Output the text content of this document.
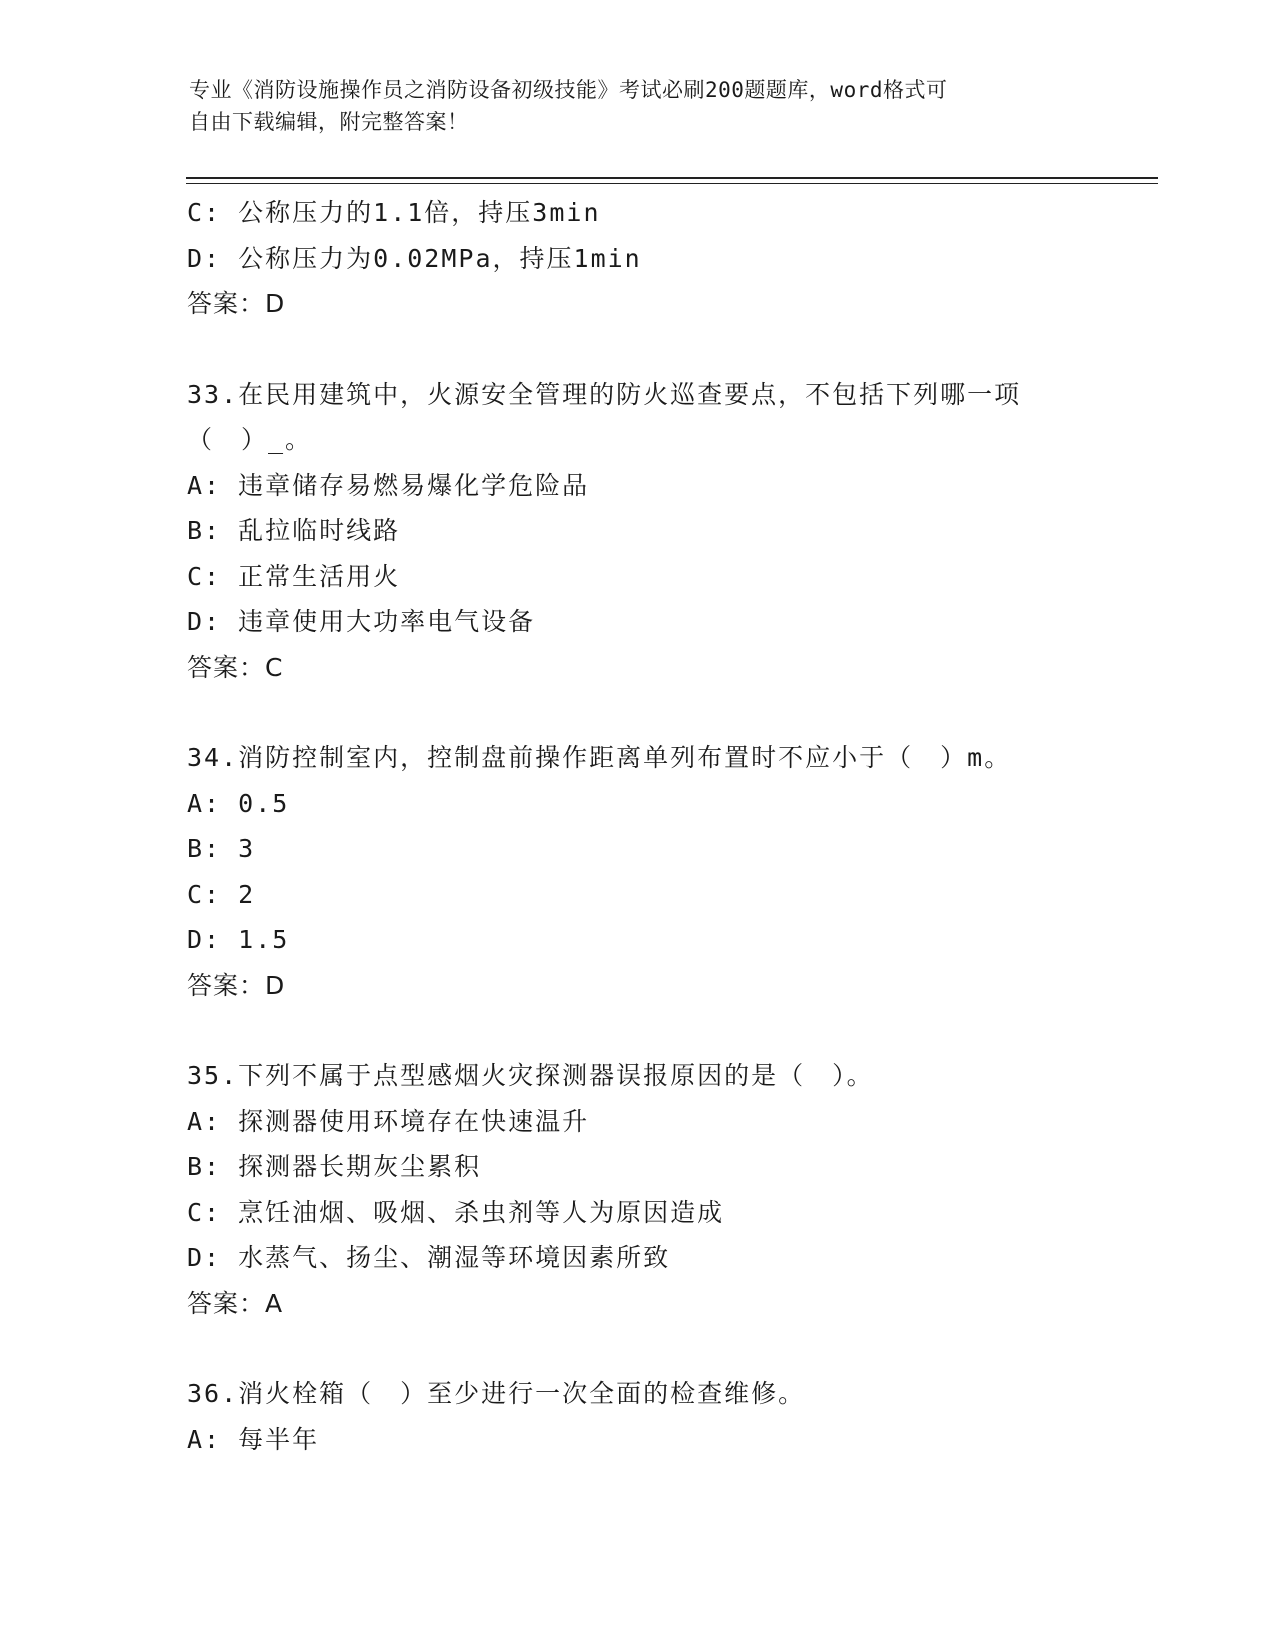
专业《消防设施操作员之消防设备初级技能》考试必刷200题题库，word格式可
自由下载编辑，附完整答案！
C: 公称压力的1.1倍，持压3min
D: 公称压力为0.02MPa，持压1min
答案：D
33.在民用建筑中，火源安全管理的防火巡查要点，不包括下列哪一项
（　）_。
A: 违章储存易燃易爆化学危险品
B: 乱拉临时线路
C: 正常生活用火
D: 违章使用大功率电气设备
答案：C
34.消防控制室内，控制盘前操作距离单列布置时不应小于（　）m。
A: 0.5
B: 3
C: 2
D: 1.5
答案：D
35.下列不属于点型感烟火灾探测器误报原因的是（　）。
A: 探测器使用环境存在快速温升
B: 探测器长期灰尘累积
C: 烹饪油烟、吸烟、杀虫剂等人为原因造成
D: 水蒸气、扬尘、潮湿等环境因素所致
答案：A
36.消火栓箱（　）至少进行一次全面的检查维修。
A: 每半年
